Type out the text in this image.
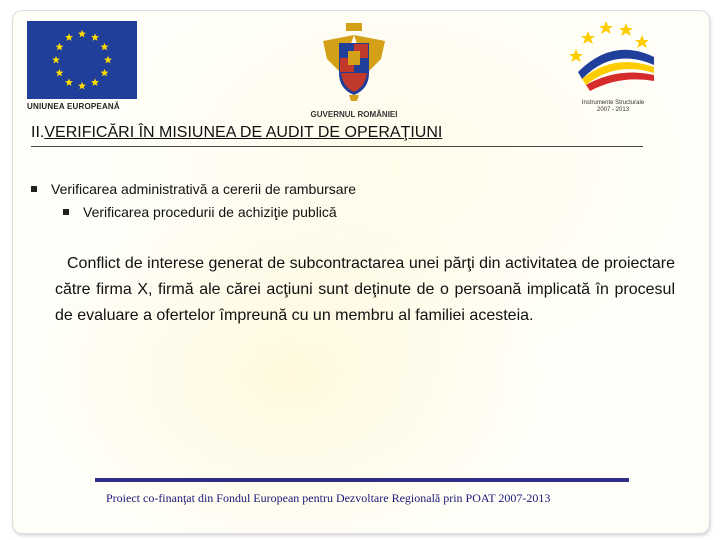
UNIUNEA EUROPEANĂ
GUVERNUL ROMÂNIEI
Instrumente Structurale
2007 - 2013
II.VERIFICĂRI ÎN MISIUNEA DE AUDIT DE OPERAŢIUNI
Verificarea administrativă a cererii de rambursare
Verificarea procedurii de achiziţie publică
Conflict de interese generat de subcontractarea unei părţi din activitatea de proiectare către firma X, firmă ale cărei acţiuni sunt deţinute de o persoană implicată în procesul de evaluare a ofertelor împreună cu un membru al familiei acesteia.
Proiect co-finanţat din Fondul European pentru Dezvoltare Regională prin POAT 2007-2013
